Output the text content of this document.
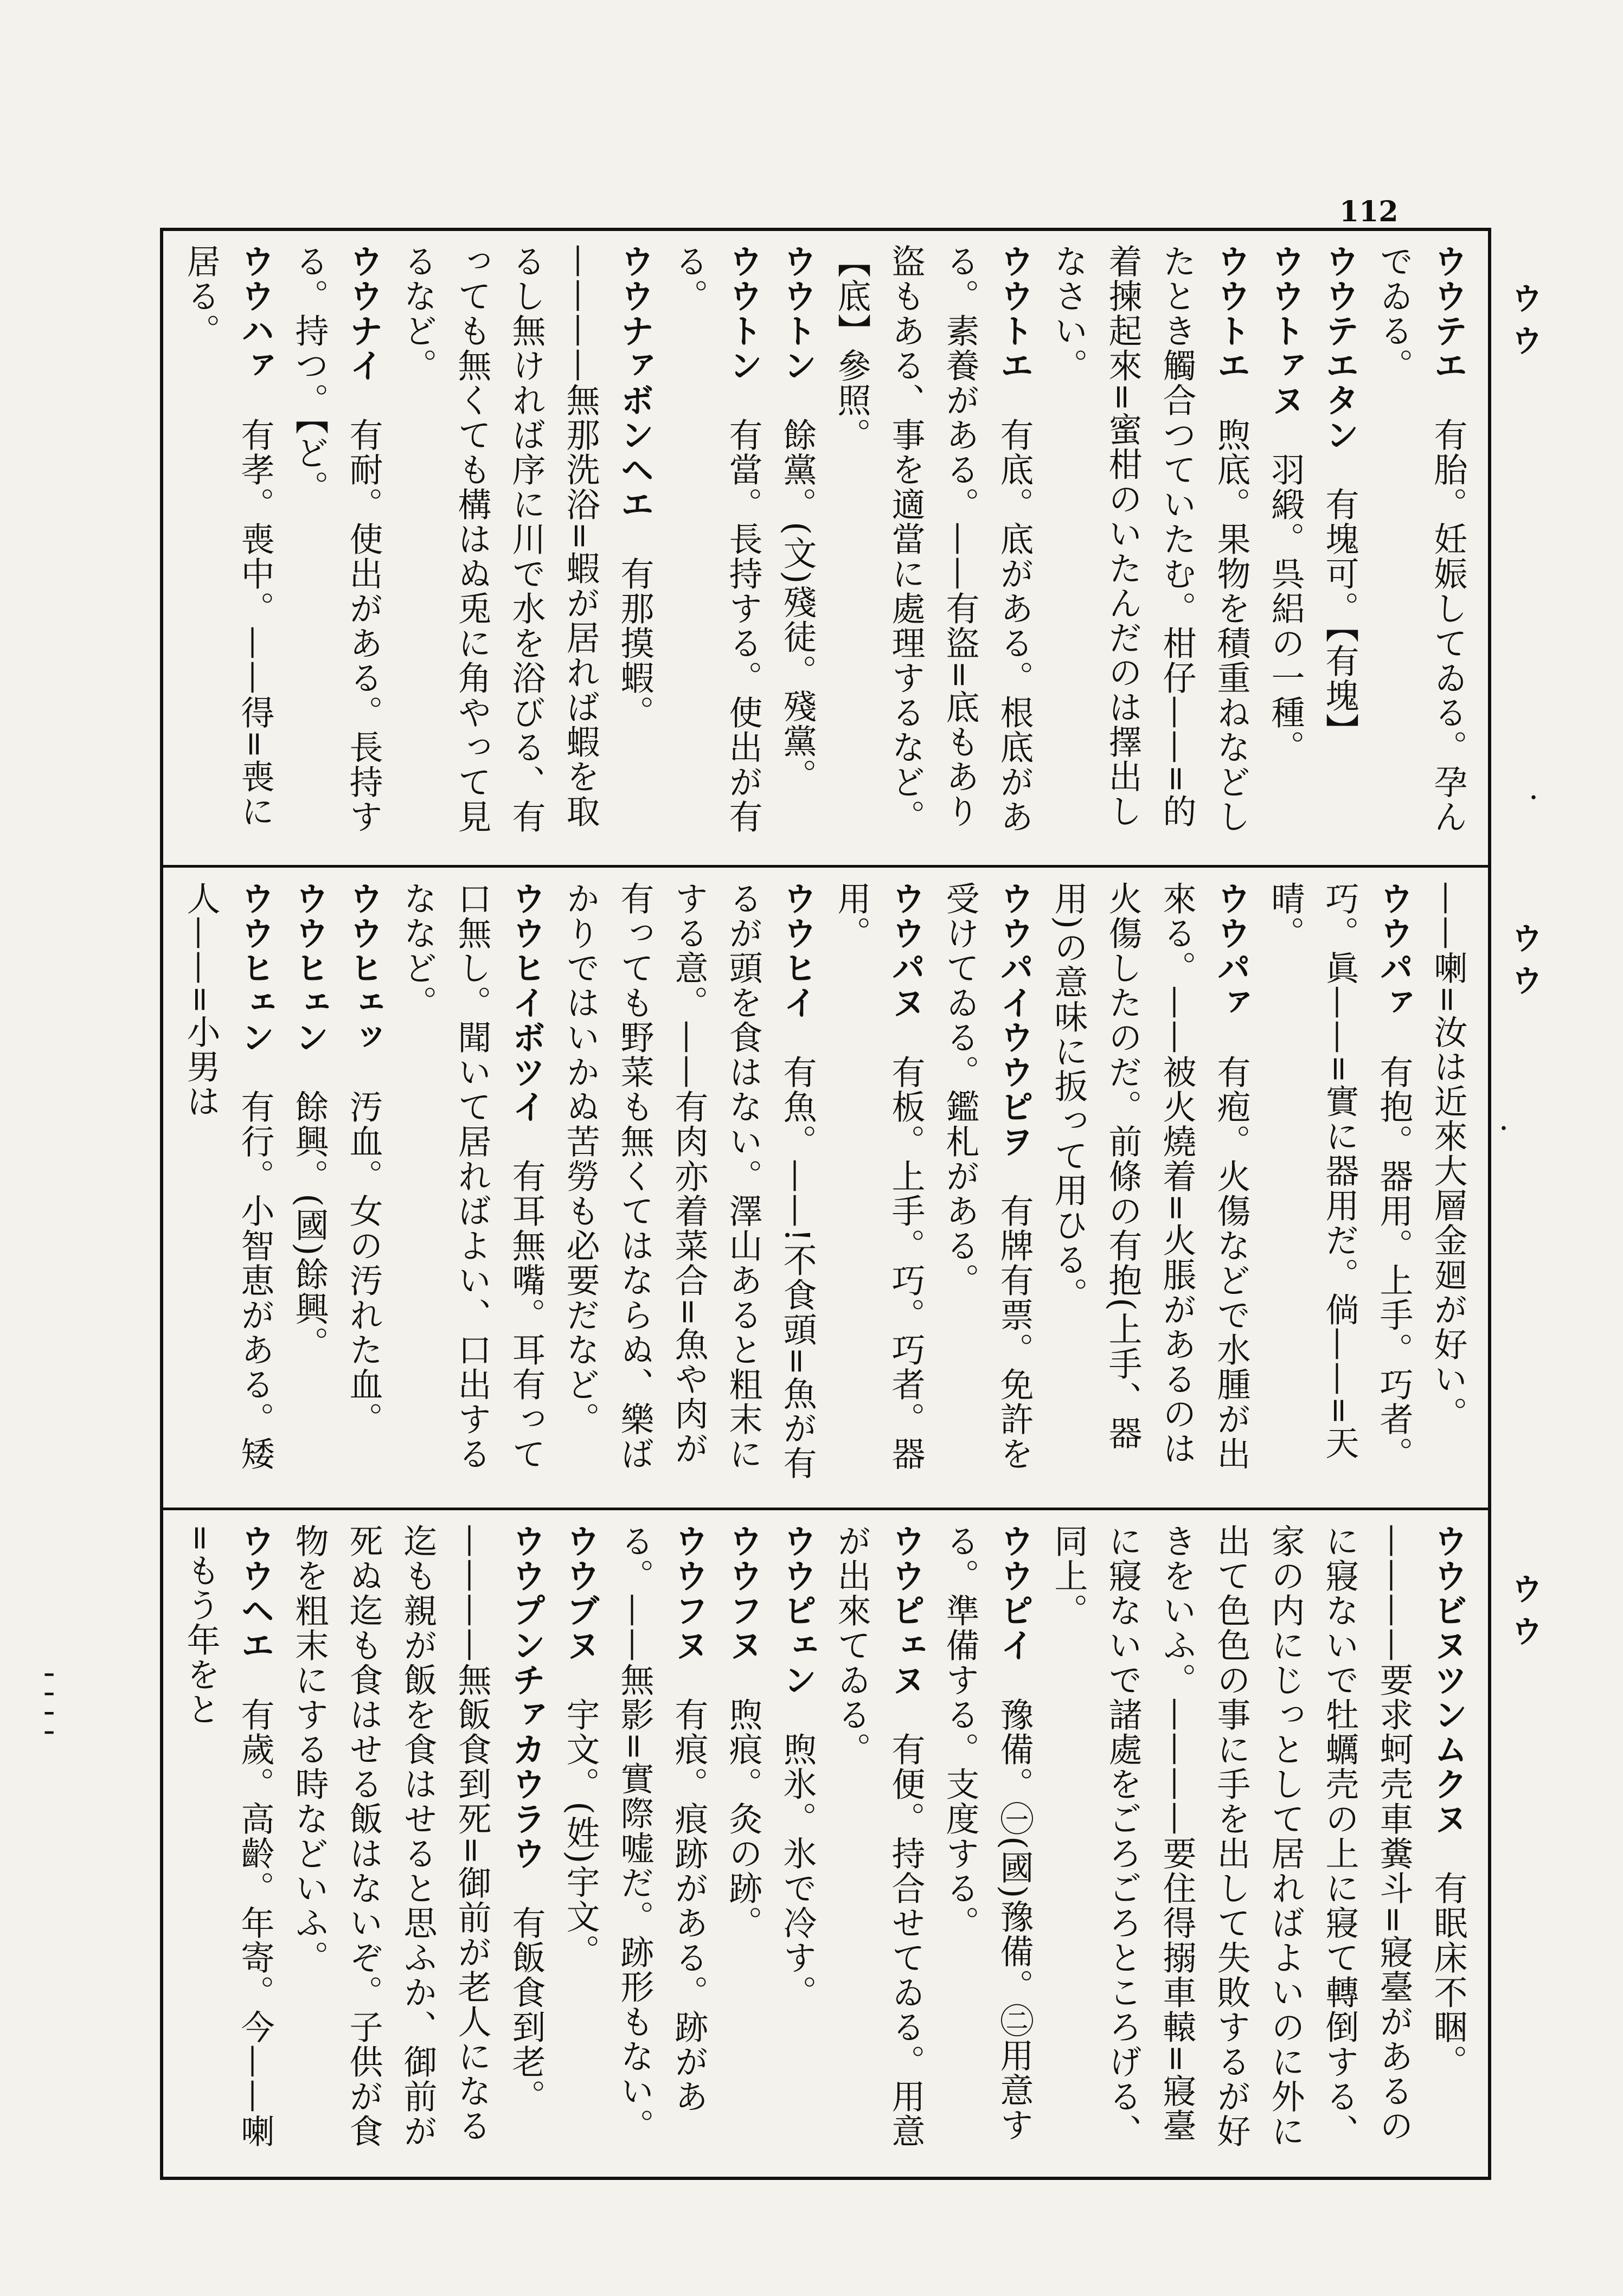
112
ウ ウ
・
ウ ウ
・
ウ ウ
' ' ' '
ウウテエ　有胎。妊娠してゐる。孕んでゐる。
ウウテエタン　有塊可。【有塊】
ウウトァヌ　羽緞。呉絽の一種。
ウウトエ　煦底。果物を積重ねなどしたとき觸合つていたむ。柑仔——=的着揀起來=蜜柑のいたんだのは擇出しなさい。
ウウトエ　有底。底がある。根底がある。素養がある。——有盜=底もあり盜もある、事を適當に處理するなど。【底】參照。
ウウトン　餘黨。(文)殘徒。殘黨。
ウウトン　有當。長持する。使出が有る。
ウウナァボンヘエ　有那摸蝦。————無那洗浴=蝦が居れば蝦を取るし無ければ序に川で水を浴びる、有っても無くても構はぬ兎に角やって見るなど。
ウウナイ　有耐。使出がある。長持する。持つ。【ど。
ウウハァ　有孝。喪中。——得=喪に居る。
——喇=汝は近來大層金廻が好い。
ウウパァ　有抱。器用。上手。巧者。巧。眞——=實に器用だ。倘——=天晴。
ウウパァ　有疱。火傷などで水腫が出來る。——被火燒着=火脹があるのは火傷したのだ。前條の有抱(上手、器用)の意味に扳って用ひる。
ウウパイウウピヲ　有牌有票。免許を受けてゐる。鑑札がある。
ウウパヌ　有板。上手。巧。巧者。器用。
ウウヒイ　有魚。——!不食頭=魚が有るが頭を食はない。澤山あると粗末にする意。——有肉亦着菜合=魚や肉が有っても野菜も無くてはならぬ、樂ばかりではいかぬ苦勞も必要だなど。
ウウヒイボツイ　有耳無嘴。耳有って口無し。聞いて居ればよい、口出するななど。
ウウヒェッ　汚血。女の汚れた血。
ウウヒェン　餘興。(國)餘興。
ウウヒェン　有行。小智恵がある。矮人——=小男は
ウウビヌツンムクヌ　有眠床不睏。————要求蚵壳車糞斗=寢臺があるのに寢ないで牡蠣壳の上に寢て轉倒する、家の内にじっとして居ればよいのに外に出て色色の事に手を出して失敗するが好きをいふ。————要住得搦車轅=寢臺に寢ないで諸處をごろごろところげる、同上。
ウウピイ　豫備。㊀(國)豫備。㊁用意する。準備する。支度する。
ウウピェヌ　有便。持合せてゐる。用意が出來てゐる。
ウウピェン　煦氷。氷で冷す。
ウウフヌ　煦痕。灸の跡。
ウウフヌ　有痕。痕跡がある。跡がある。——無影=實際嘘だ。跡形もない。
ウウブヌ　宇文。(姓)宇文。
ウウプンチァカウラウ　有飯食到老。————無飯食到死=御前が老人になる迄も親が飯を食はせると思ふか、御前が死ぬ迄も食はせる飯はないぞ。子供が食物を粗末にする時などいふ。
ウウヘエ　有歲。高齡。年寄。今——喇=もう年をと
